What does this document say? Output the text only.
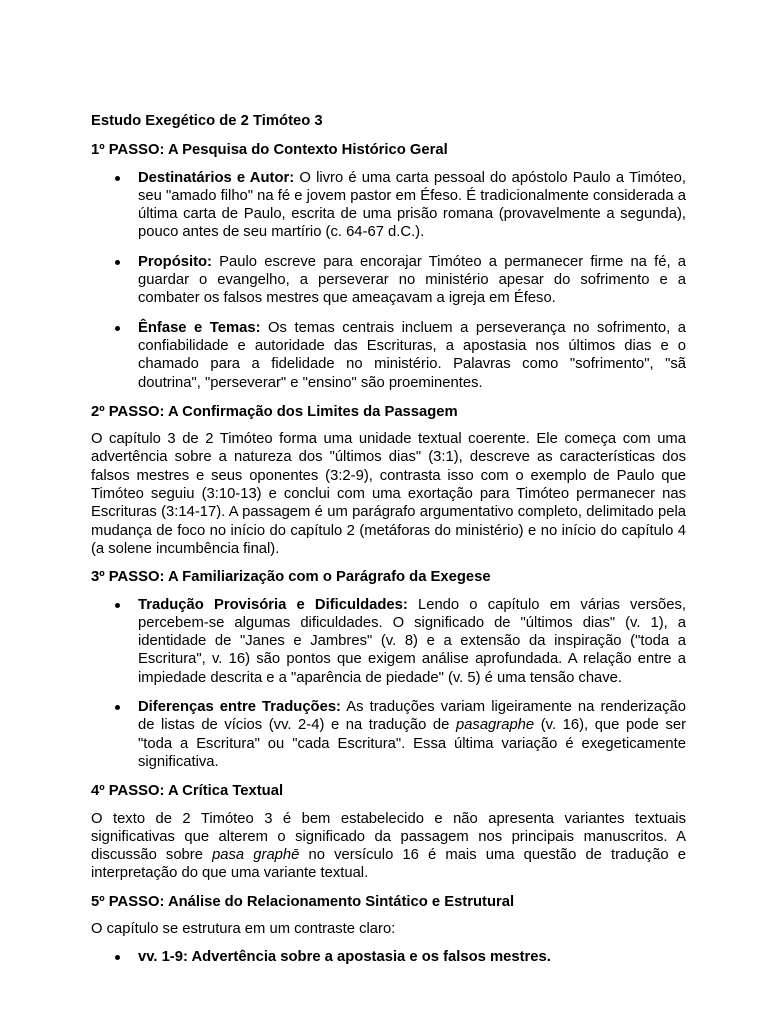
Estudo Exegético de 2 Timóteo 3
1º PASSO: A Pesquisa do Contexto Histórico Geral
Destinatários e Autor: O livro é uma carta pessoal do apóstolo Paulo a Timóteo, seu "amado filho" na fé e jovem pastor em Éfeso. É tradicionalmente considerada a última carta de Paulo, escrita de uma prisão romana (provavelmente a segunda), pouco antes de seu martírio (c. 64-67 d.C.).
Propósito: Paulo escreve para encorajar Timóteo a permanecer firme na fé, a guardar o evangelho, a perseverar no ministério apesar do sofrimento e a combater os falsos mestres que ameaçavam a igreja em Éfeso.
Ênfase e Temas: Os temas centrais incluem a perseverança no sofrimento, a confiabilidade e autoridade das Escrituras, a apostasia nos últimos dias e o chamado para a fidelidade no ministério. Palavras como "sofrimento", "sã doutrina", "perseverar" e "ensino" são proeminentes.
2º PASSO: A Confirmação dos Limites da Passagem

O capítulo 3 de 2 Timóteo forma uma unidade textual coerente. Ele começa com uma advertência sobre a natureza dos "últimos dias" (3:1), descreve as características dos falsos mestres e seus oponentes (3:2-9), contrasta isso com o exemplo de Paulo que Timóteo seguiu (3:10-13) e conclui com uma exortação para Timóteo permanecer nas Escrituras (3:14-17). A passagem é um parágrafo argumentativo completo, delimitado pela mudança de foco no início do capítulo 2 (metáforas do ministério) e no início do capítulo 4 (a solene incumbência final).

3º PASSO: A Familiarização com o Parágrafo da Exegese
Tradução Provisória e Dificuldades: Lendo o capítulo em várias versões, percebem-se algumas dificuldades. O significado de "últimos dias" (v. 1), a identidade de "Janes e Jambres" (v. 8) e a extensão da inspiração ("toda a Escritura", v. 16) são pontos que exigem análise aprofundada. A relação entre a impiedade descrita e a "aparência de piedade" (v. 5) é uma tensão chave.
Diferenças entre Traduções: As traduções variam ligeiramente na renderização de listas de vícios (vv. 2-4) e na tradução de pasagraphe (v. 16), que pode ser "toda a Escritura" ou "cada Escritura". Essa última variação é exegeticamente significativa.
4º PASSO: A Crítica Textual

O texto de 2 Timóteo 3 é bem estabelecido e não apresenta variantes textuais significativas que alterem o significado da passagem nos principais manuscritos. A discussão sobre pasa graphē no versículo 16 é mais uma questão de tradução e interpretação do que uma variante textual.

5º PASSO: Análise do Relacionamento Sintático e Estrutural

O capítulo se estrutura em um contraste claro:

vv. 1-9: Advertência sobre a apostasia e os falsos mestres.
